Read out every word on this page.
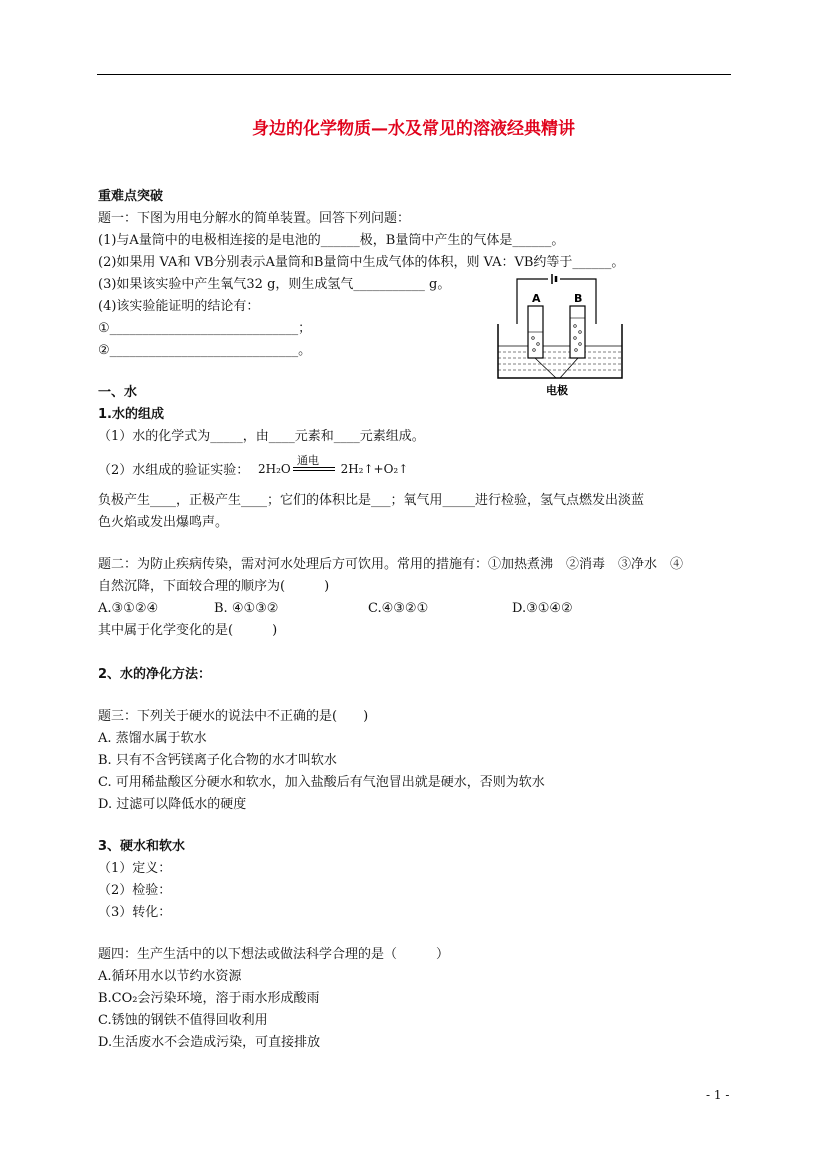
身边的化学物质—水及常见的溶液经典精讲
重难点突破
题一：下图为用电分解水的简单装置。回答下列问题：
(1)与A量筒中的电极相连接的是电池的______极，B量筒中产生的气体是______。
(2)如果用 VA和 VB分别表示A量筒和B量筒中生成气体的体积，则 VA：VB约等于______。
(3)如果该实验中产生氧气32 g，则生成氢气___________ g。
(4)该实验能证明的结论有：
①_____________________________；
②_____________________________。
A	B
电极
一、水
1.水的组成
（1）水的化学式为_____，由____元素和____元素组成。
（2）水组成的验证实验： 2H₂O
通电
2H₂↑+O₂↑
负极产生____，正极产生____；它们的体积比是___；氧气用_____进行检验，氢气点燃发出淡蓝
色火焰或发出爆鸣声。
题二：为防止疾病传染，需对河水处理后方可饮用。常用的措施有：①加热煮沸　②消毒　③净水　④
自然沉降，下面较合理的顺序为(　　　)
A.③①②④	B. ④①③②	C.④③②①	D.③①④②
其中属于化学变化的是(　　　)
2、水的净化方法：
题三：下列关于硬水的说法中不正确的是(　　)
A. 蒸馏水属于软水
B. 只有不含钙镁离子化合物的水才叫软水
C. 可用稀盐酸区分硬水和软水，加入盐酸后有气泡冒出就是硬水，否则为软水
D. 过滤可以降低水的硬度
3、硬水和软水
（1）定义：
（2）检验：
（3）转化：
题四：生产生活中的以下想法或做法科学合理的是（　　　）
A.循环用水以节约水资源
B.CO₂会污染环境，溶于雨水形成酸雨
C.锈蚀的钢铁不值得回收利用
D.生活废水不会造成污染，可直接排放
- 1 -
